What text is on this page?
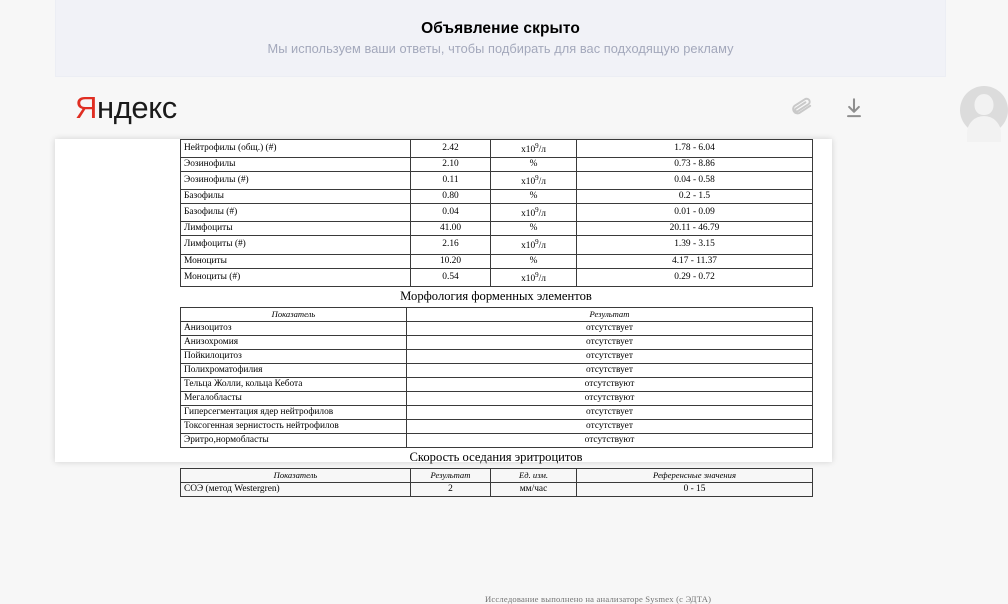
Объявление скрыто
Мы используем ваши ответы, чтобы подбирать для вас подходящую рекламу
Яндекс
Нейтрофилы (общ.) (#)	2.42	$x10^9/л$	1.78 - 6.04
Эозинофилы	2.10	%	0.73 - 8.86
Эозинофилы (#)	0.11	$x10^9/л$	0.04 - 0.58
Базофилы	0.80	%	0.2 - 1.5
Базофилы (#)	0.04	$x10^9/л$	0.01 - 0.09
Лимфоциты	41.00	%	20.11 - 46.79
Лимфоциты (#)	2.16	$x10^9/л$	1.39 - 3.15
Моноциты	10.20	%	4.17 - 11.37
Моноциты (#)	0.54	$x10^9/л$	0.29 - 0.72
Морфология форменных элементов
Показатель	Результат
Анизоцитоз	отсутствует
Анизохромия	отсутствует
Пойкилоцитоз	отсутствует
Полихроматофилия	отсутствует
Тельца Жолли, кольца Кебота	отсутствуют
Мегалобласты	отсутствуют
Гиперсегментация ядер нейтрофилов	отсутствует
Токсогенная зернистость нейтрофилов	отсутствует
Эритро,нормобласты	отсутствуют
Скорость оседания эритроцитов
Показатель	Результат	Ед. изм.	Референсные значения
СОЭ (метод Westergren)	2	мм/час	0 - 15
Исследование выполнено на анализаторе Sysmex (с ЭДТА)
